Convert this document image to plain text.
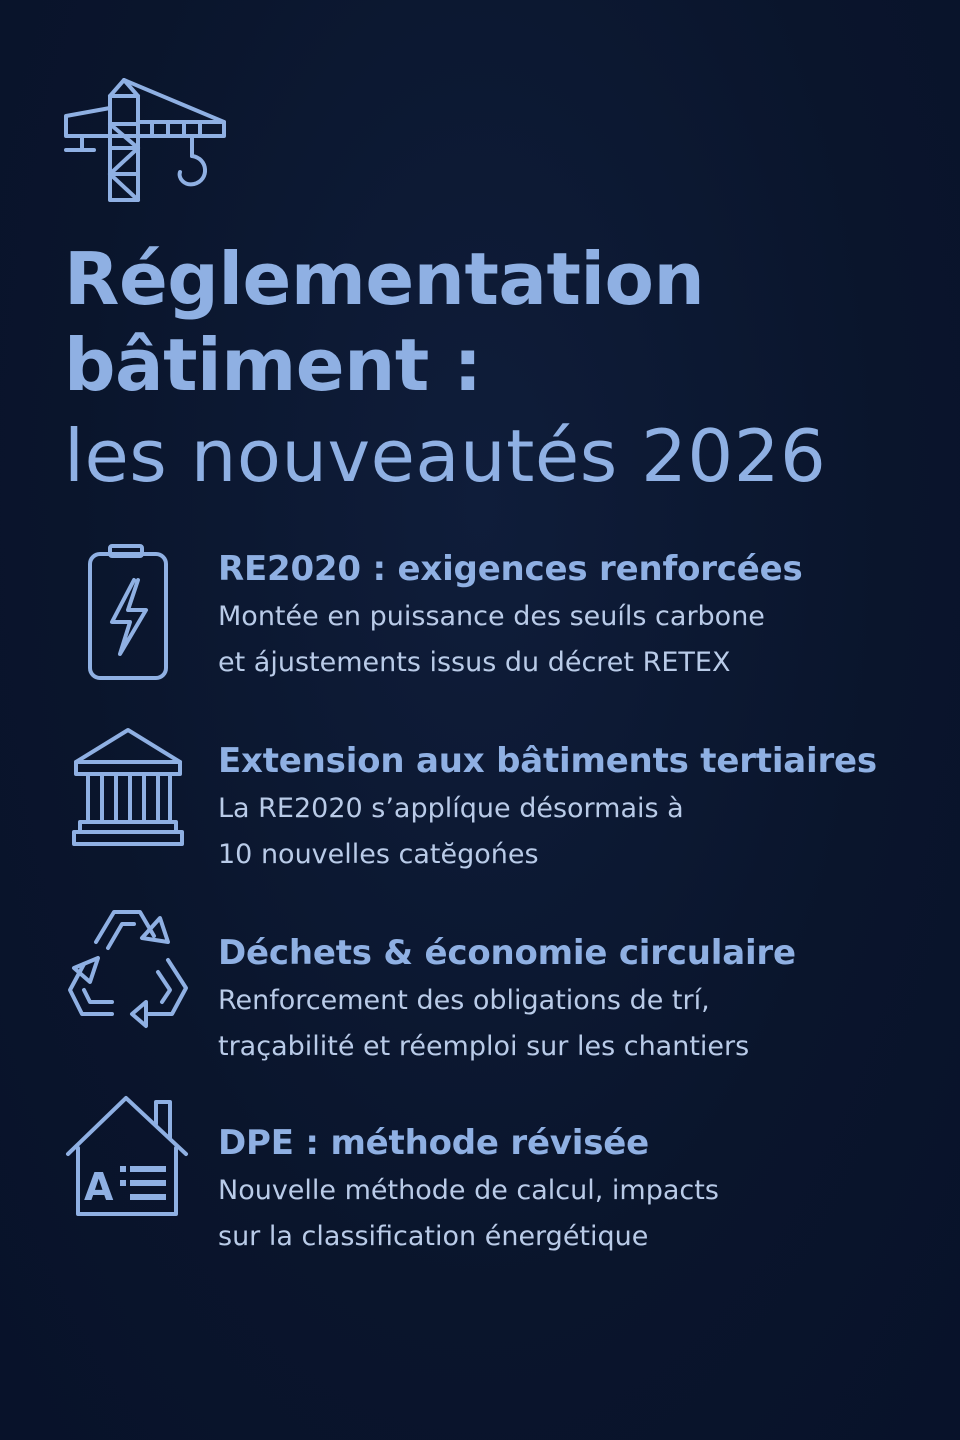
Réglementation
bâtiment :
les nouveautés 2026
RE2020 : exigences renforcées
Montée en puissance des seuíls carbone
et ájustements issus du décret RETEX
Extension aux bâtiments tertiaires
La RE2020 s’applíque désormais à
10 nouvelles catĕgońes
Déchets & économie circulaire
Renforcement des obligations de trí,
traçabilité et réemploi sur les chantiers
A
DPE : méthode révisée
Nouvelle méthode de calcul, impacts
sur la classification énergétique
